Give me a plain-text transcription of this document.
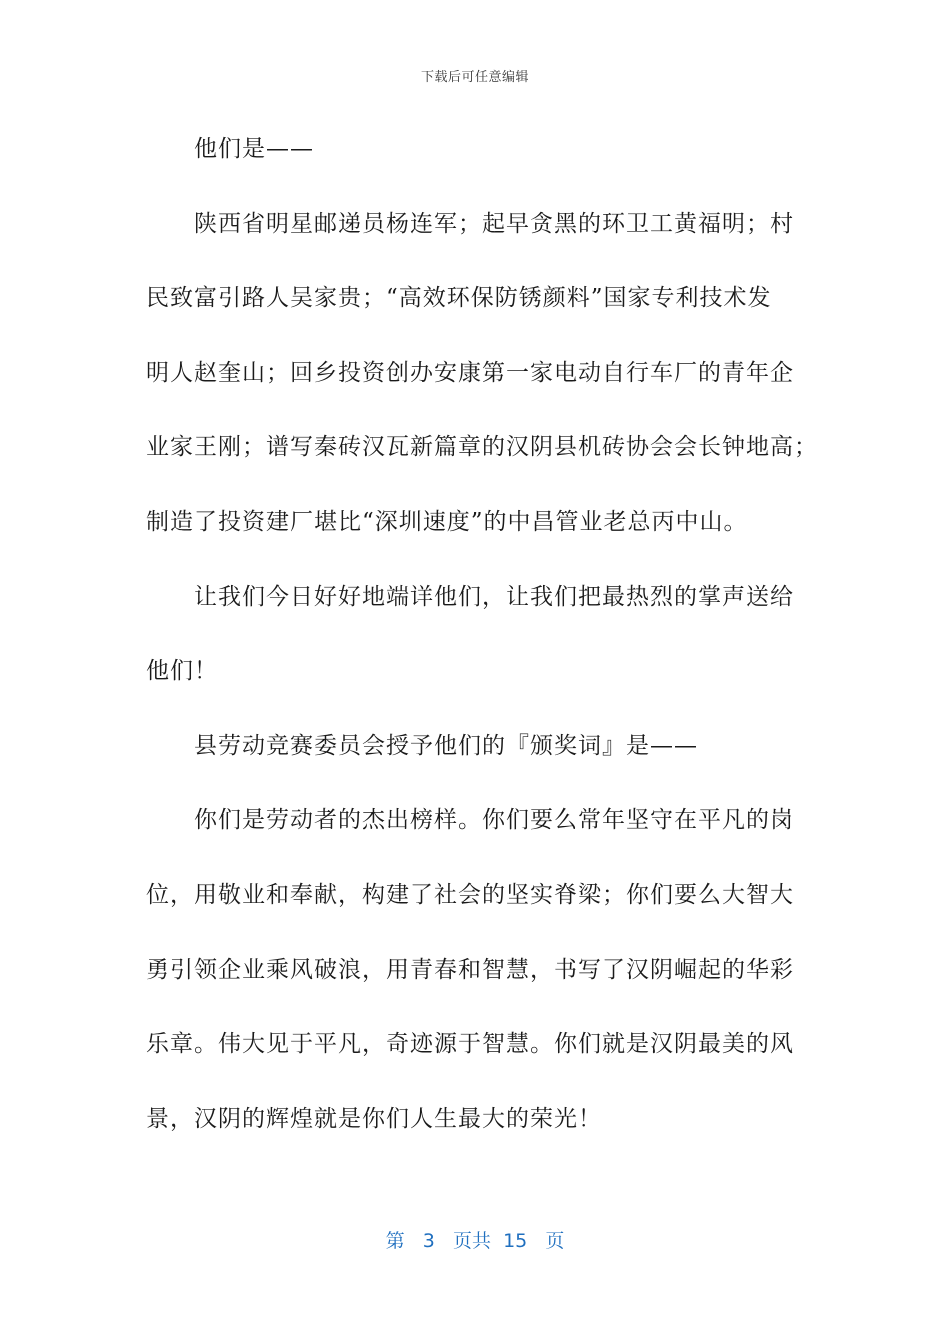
下载后可任意编辑
他们是——
陕西省明星邮递员杨连军；起早贪黑的环卫工黄福明；村
民致富引路人吴家贵；“高效环保防锈颜料”国家专利技术发
明人赵奎山；回乡投资创办安康第一家电动自行车厂的青年企
业家王刚；谱写秦砖汉瓦新篇章的汉阴县机砖协会会长钟地高；
制造了投资建厂堪比“深圳速度”的中昌管业老总丙中山。
让我们今日好好地端详他们，让我们把最热烈的掌声送给
他们！
县劳动竞赛委员会授予他们的『颁奖词』是——
你们是劳动者的杰出榜样。你们要么常年坚守在平凡的岗
位，用敬业和奉献，构建了社会的坚实脊梁；你们要么大智大
勇引领企业乘风破浪，用青春和智慧，书写了汉阴崛起的华彩
乐章。伟大见于平凡，奇迹源于智慧。你们就是汉阴最美的风
景，汉阴的辉煌就是你们人生最大的荣光！
第 3 页共 15 页
